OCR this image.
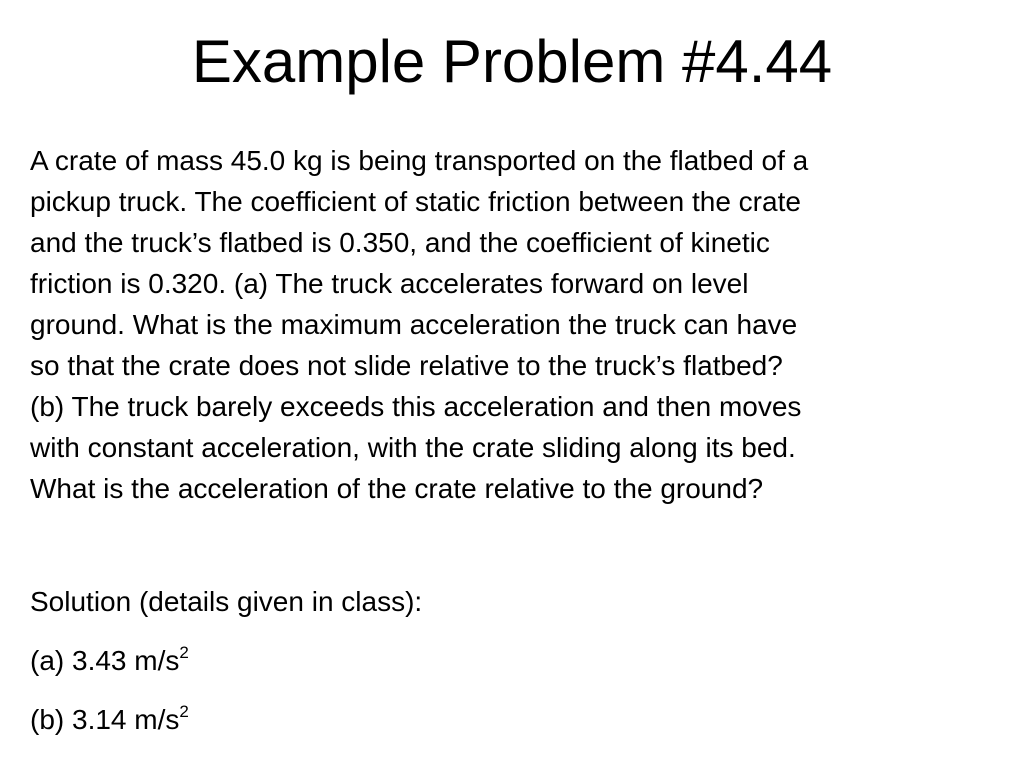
Example Problem #4.44
A crate of mass 45.0 kg is being transported on the flatbed of a
pickup truck. The coefficient of static friction between the crate
and the truck’s flatbed is 0.350, and the coefficient of kinetic
friction is 0.320. (a) The truck accelerates forward on level
ground. What is the maximum acceleration the truck can have
so that the crate does not slide relative to the truck’s flatbed?
(b) The truck barely exceeds this acceleration and then moves
with constant acceleration, with the crate sliding along its bed.
What is the acceleration of the crate relative to the ground?
Solution (details given in class):
(a) 3.43 $m/s^2$
(b) 3.14 $m/s^2$
